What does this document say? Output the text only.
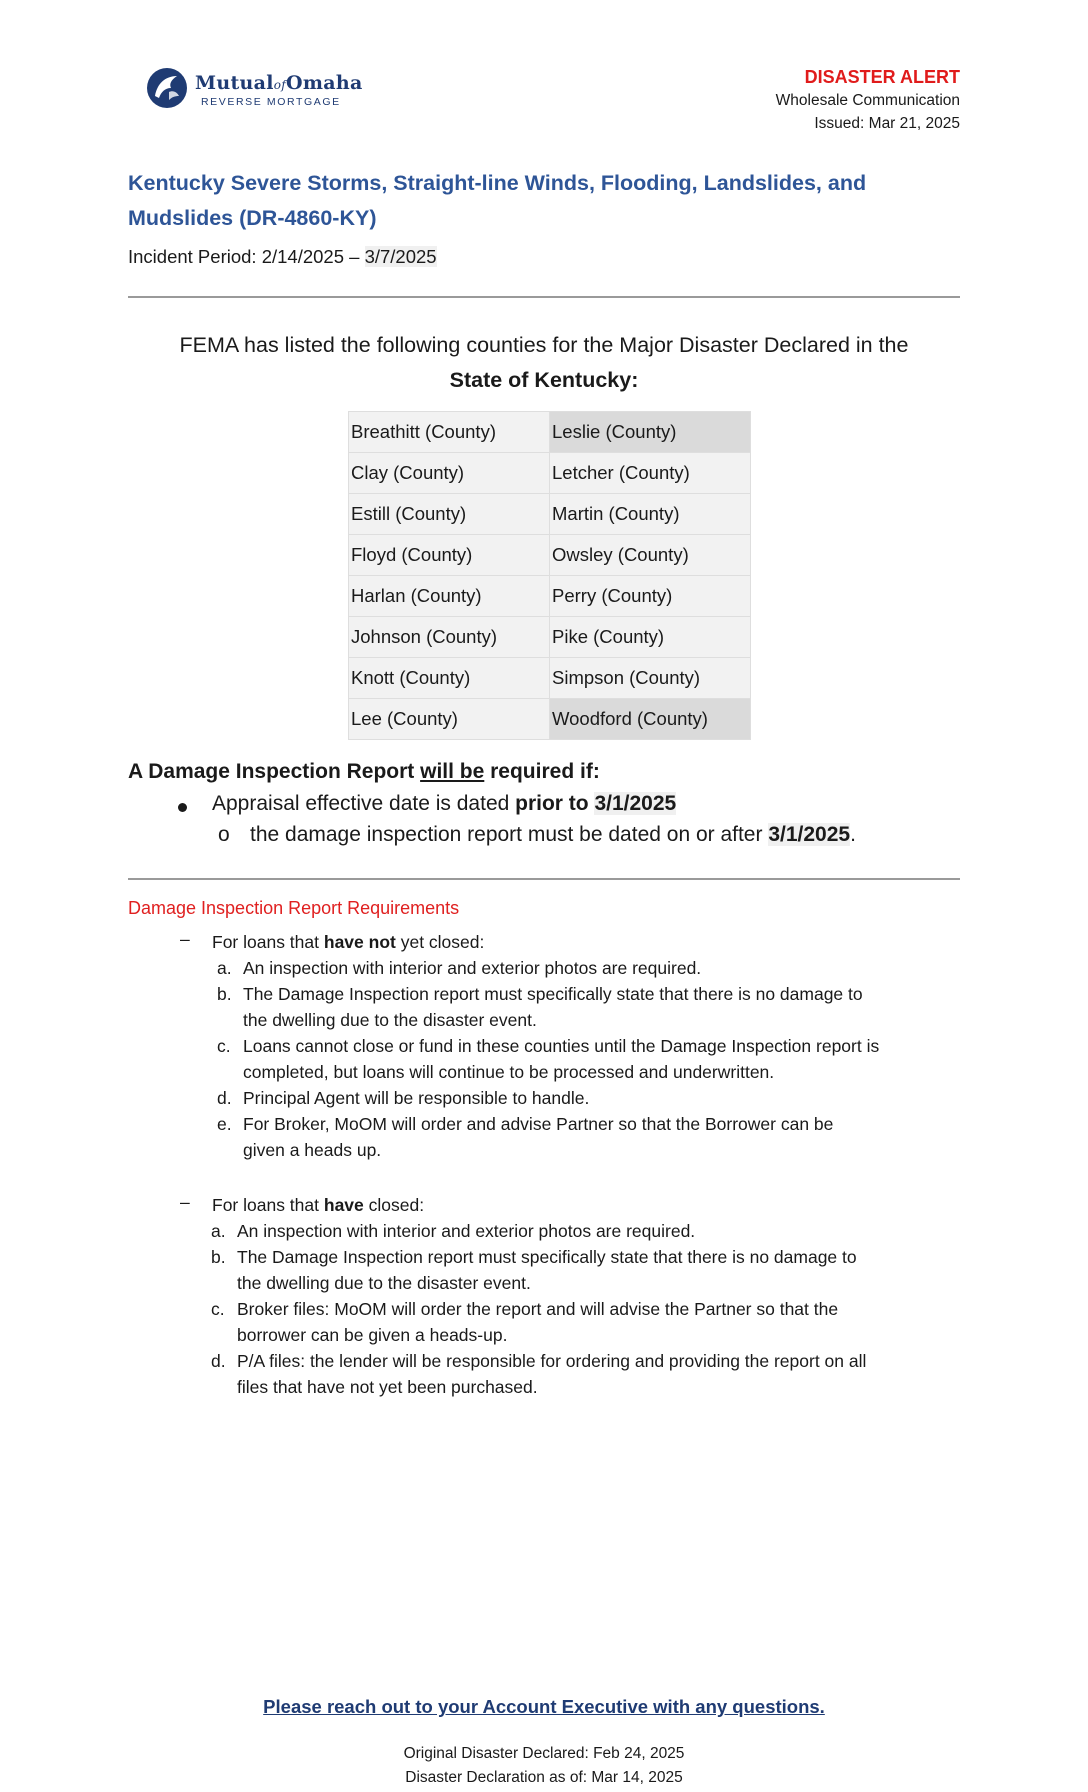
MutualofOmaha
REVERSE MORTGAGE
DISASTER ALERT
Wholesale Communication
Issued: Mar 21, 2025
Kentucky Severe Storms, Straight-line Winds, Flooding, Landslides, and
Mudslides (DR-4860-KY)
Incident Period: 2/14/2025 – 3/7/2025
FEMA has listed the following counties for the Major Disaster Declared in the
State of Kentucky:
Breathitt (County)	Leslie (County)
Clay (County)	Letcher (County)
Estill (County)	Martin (County)
Floyd (County)	Owsley (County)
Harlan (County)	Perry (County)
Johnson (County)	Pike (County)
Knott (County)	Simpson (County)
Lee (County)	Woodford (County)
A Damage Inspection Report will be required if:
Appraisal effective date is dated prior to 3/1/2025
o the damage inspection report must be dated on or after 3/1/2025.
Damage Inspection Report Requirements
– For loans that have not yet closed:
a. An inspection with interior and exterior photos are required.
b. The Damage Inspection report must specifically state that there is no damage to
the dwelling due to the disaster event.
c. Loans cannot close or fund in these counties until the Damage Inspection report is
completed, but loans will continue to be processed and underwritten.
d. Principal Agent will be responsible to handle.
e. For Broker, MoOM will order and advise Partner so that the Borrower can be
given a heads up.
– For loans that have closed:
a. An inspection with interior and exterior photos are required.
b. The Damage Inspection report must specifically state that there is no damage to
the dwelling due to the disaster event.
c. Broker files: MoOM will order the report and will advise the Partner so that the
borrower can be given a heads-up.
d. P/A files: the lender will be responsible for ordering and providing the report on all
files that have not yet been purchased.
Please reach out to your Account Executive with any questions.
Original Disaster Declared: Feb 24, 2025
Disaster Declaration as of: Mar 14, 2025
